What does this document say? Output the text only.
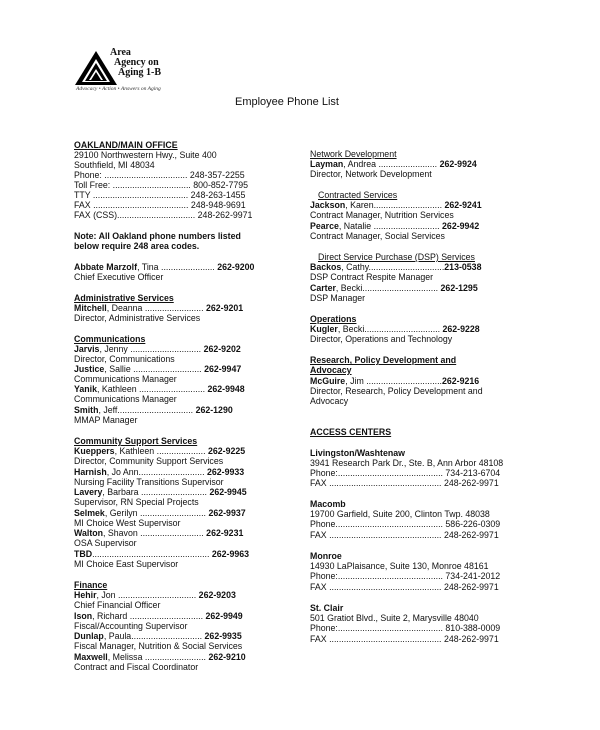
Area
Agency on
Aging 1-B
Advocacy • Action • Answers on Aging
Employee Phone List
OAKLAND/MAIN OFFICE
29100 Northwestern Hwy., Suite 400
Southfield, MI 48034
Phone: .................................. 248-357-2255
Toll Free: ................................ 800-852-7795
TTY ....................................... 248-263-1455
FAX ....................................... 248-948-9691
FAX (CSS)................................ 248-262-9971
Note: All Oakland phone numbers listed
below require 248 area codes.
Abbate Marzolf, Tina ...................... 262-9200
Chief Executive Officer
Administrative Services
Mitchell, Deanna ........................ 262-9201
Director, Administrative Services
Communications
Jarvis, Jenny ............................. 262-9202
Director, Communications
Justice, Sallie ............................ 262-9947
Communications Manager
Yanik, Kathleen ........................... 262-9948
Communications Manager
Smith, Jeff............................... 262-1290
MMAP Manager
Community Support Services
Kueppers, Kathleen .................... 262-9225
Director, Community Support Services
Harnish, Jo Ann........................... 262-9933
Nursing Facility Transitions Supervisor
Lavery, Barbara ........................... 262-9945
Supervisor, RN Special Projects
Selmek, Gerilyn ........................... 262-9937
MI Choice West Supervisor
Walton, Shavon .......................... 262-9231
OSA Supervisor
TBD................................................ 262-9963
MI Choice East Supervisor
Finance
Hehir, Jon ................................ 262-9203
Chief Financial Officer
Ison, Richard .............................. 262-9949
Fiscal/Accounting Supervisor
Dunlap, Paula............................. 262-9935
Fiscal Manager, Nutrition & Social Services
Maxwell, Melissa ......................... 262-9210
Contract and Fiscal Coordinator
Network Development
Layman, Andrea ........................ 262-9924
Director, Network Development
Contracted Services
Jackson, Karen............................ 262-9241
Contract Manager, Nutrition Services
Pearce, Natalie ........................... 262-9942
Contract Manager, Social Services
Direct Service Purchase (DSP) Services
Backos, Cathy...............................213-0538
DSP Contract Respite Manager
Carter, Becki............................... 262-1295
DSP Manager
Operations
Kugler, Becki............................... 262-9228
Director, Operations and Technology
Research, Policy Development and
Advocacy
McGuire, Jim ...............................262-9216
Director, Research, Policy Development and
Advocacy
ACCESS CENTERS
Livingston/Washtenaw
3941 Research Park Dr., Ste. B, Ann Arbor 48108
Phone:........................................... 734-213-6704
FAX .............................................. 248-262-9971
Macomb
19700 Garfield, Suite 200, Clinton Twp. 48038
Phone............................................ 586-226-0309
FAX .............................................. 248-262-9971
Monroe
14930 LaPlaisance, Suite 130, Monroe 48161
Phone:........................................... 734-241-2012
FAX .............................................. 248-262-9971
St. Clair
501 Gratiot Blvd., Suite 2, Marysville 48040
Phone:........................................... 810-388-0009
FAX .............................................. 248-262-9971
